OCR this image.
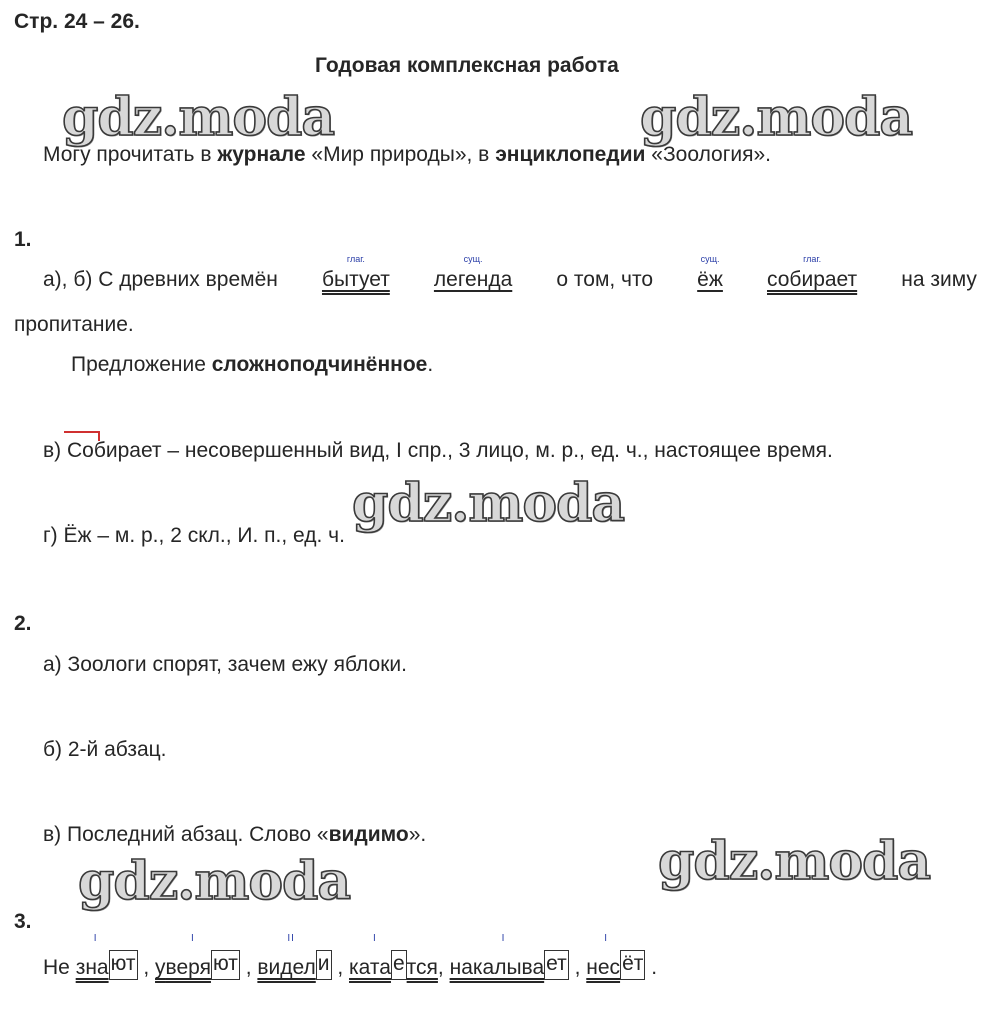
Стр. 24 – 26.
Годовая комплексная работа
gdz.moda	gdz.moda
gdz.moda
gdz.moda
gdz.moda
Могу прочитать в журнале «Мир природы», в энциклопедии «Зоология».
1.
а), б) С древних времён
глаг.
бытует
сущ.
легенда о том, что
сущ.
ёж
глаг.
собирает на зиму
пропитание.
Предложение сложноподчинённое.
в)
Собирает – несовершенный вид, I спр., 3 лицо, м. р., ед. ч., настоящее время.
г) Ёж – м. р., 2 скл., И. п., ед. ч.
2.
а) Зоологи спорят, зачем ежу яблоки.
б) 2-й абзац.
в) Последний абзац. Слово «видимо».
3.
Не
I
знают ,
I
уверяют ,
II
видели ,
I
катается,
I
накалывает ,
I
несёт .
